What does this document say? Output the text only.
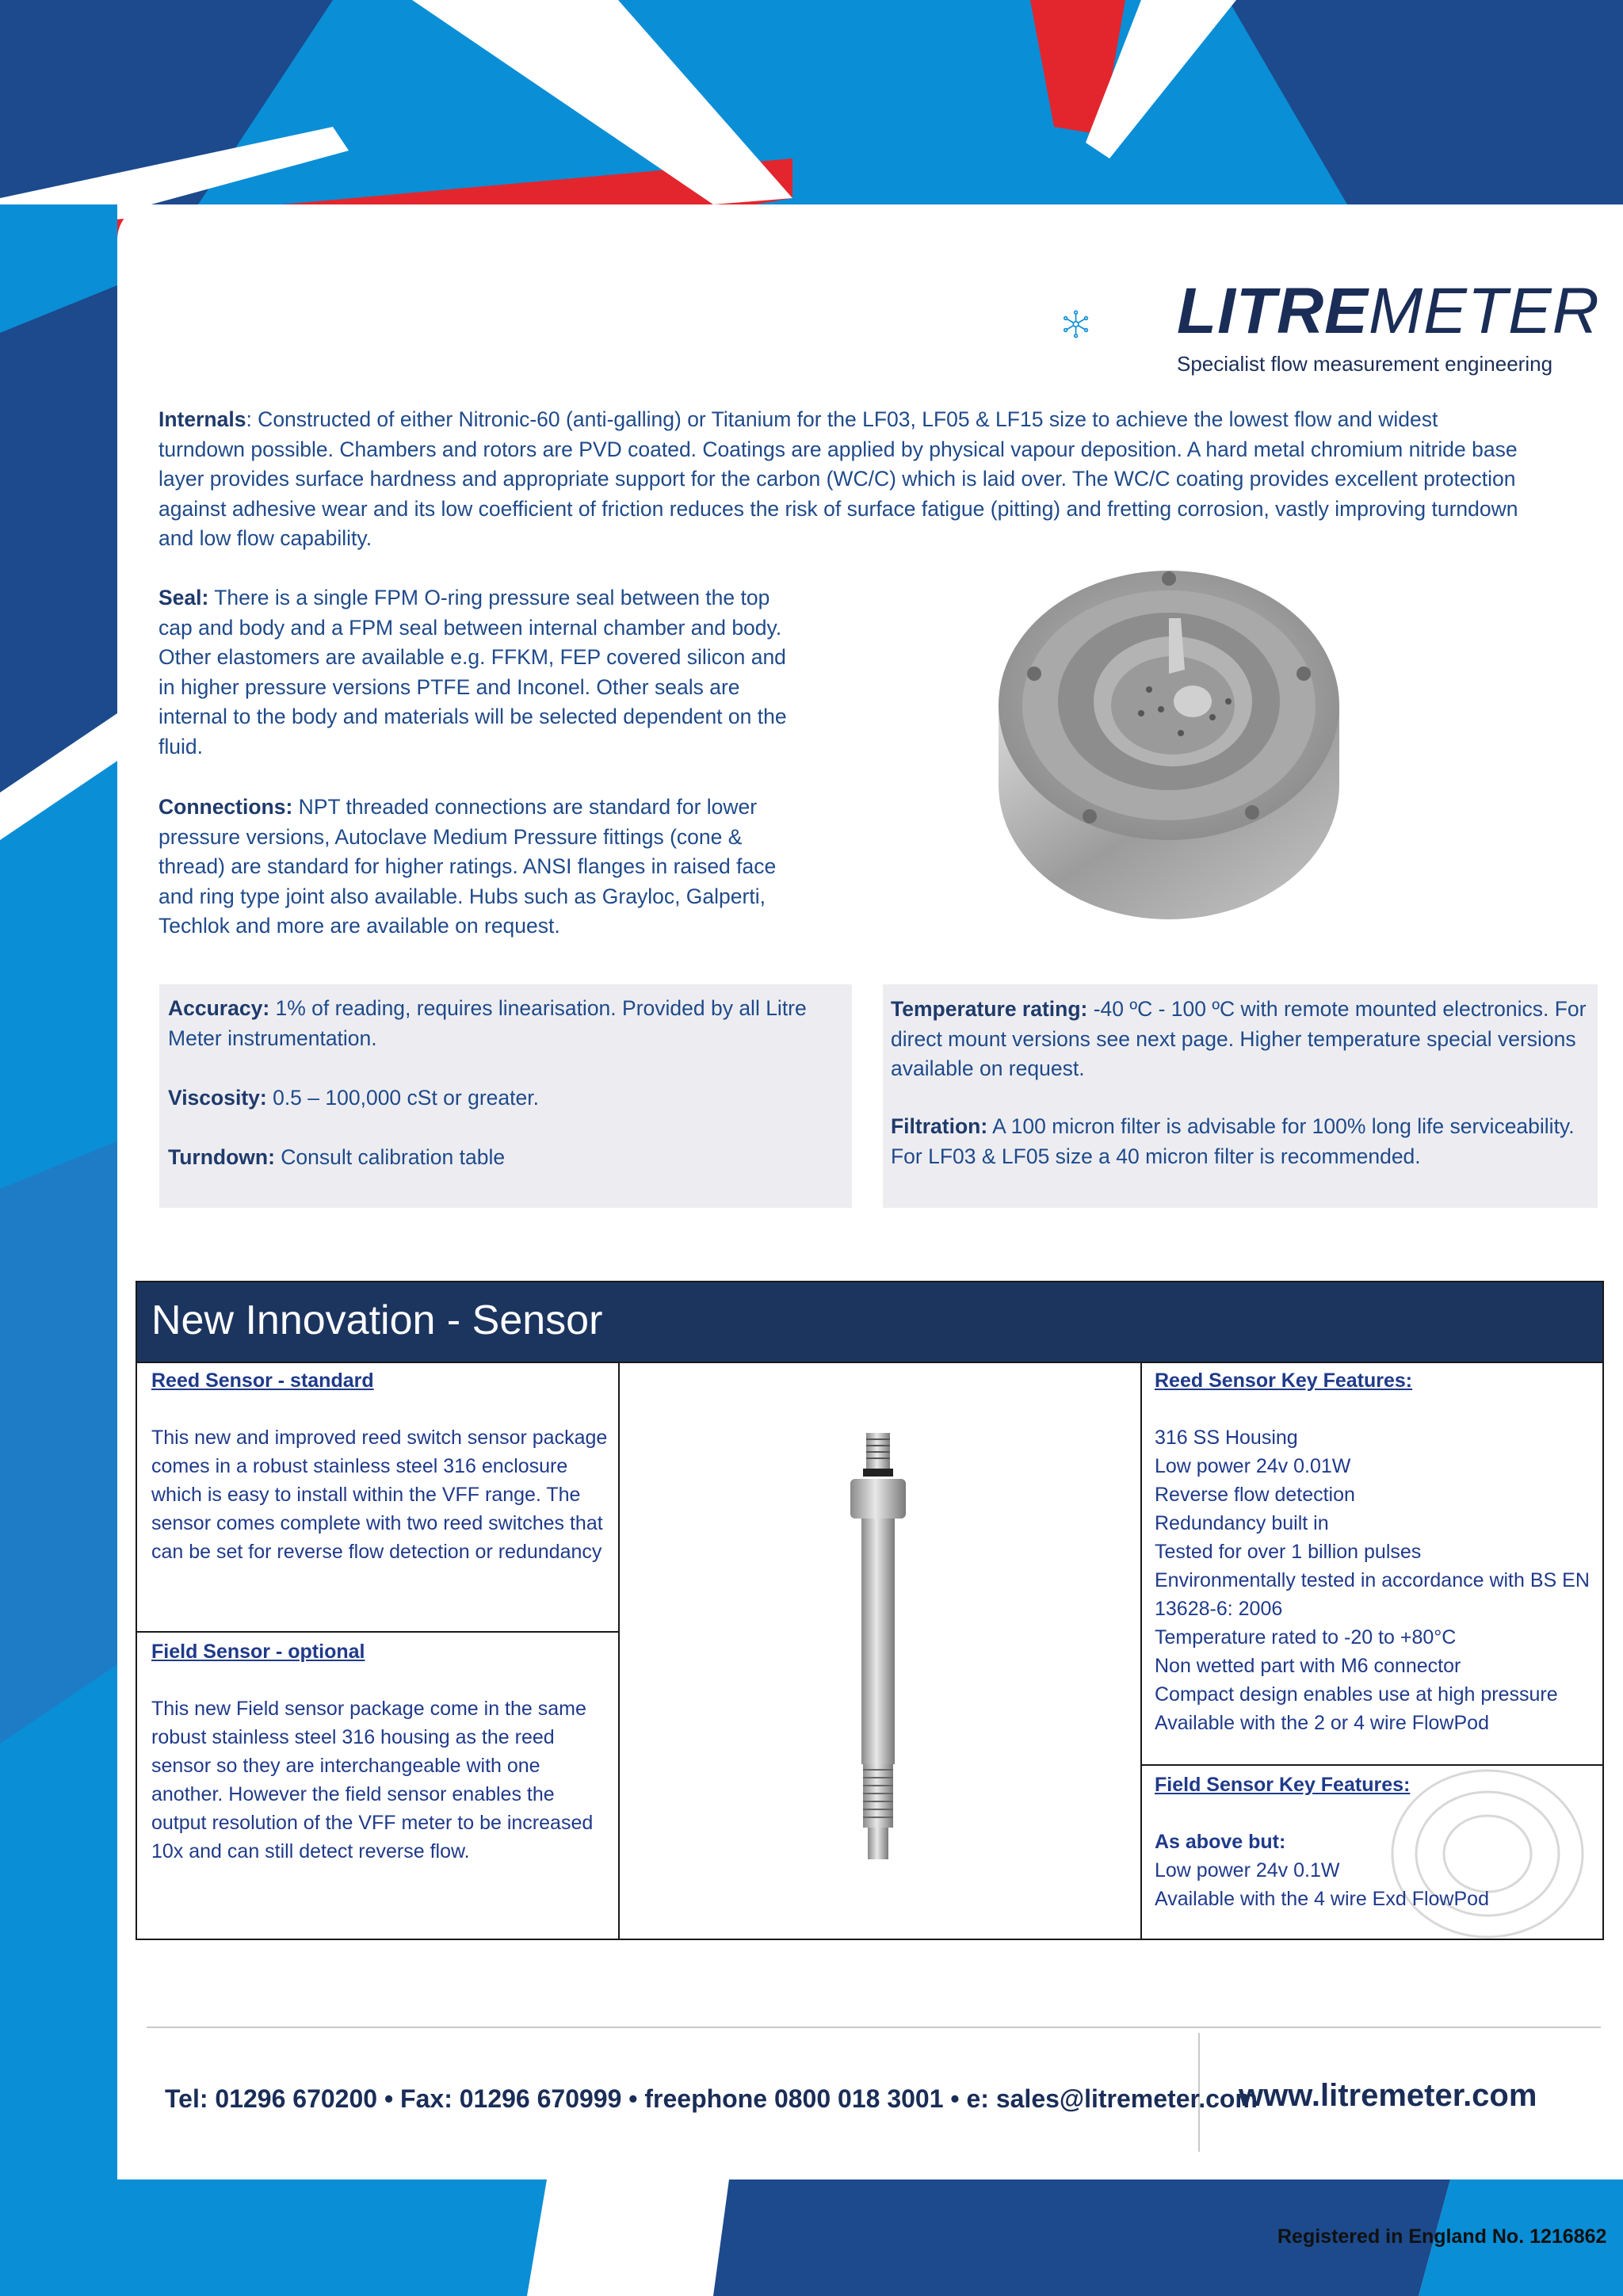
LITREMETER
Specialist flow measurement engineering

Internals: Constructed of either Nitronic-60 (anti-galling) or Titanium for the LF03, LF05 & LF15 size to achieve the lowest flow and widest turndown possible. Chambers and rotors are PVD coated. Coatings are applied by physical vapour deposition. A hard metal chromium nitride base layer provides surface hardness and appropriate support for the carbon (WC/C) which is laid over. The WC/C coating provides excellent protection against adhesive wear and its low coefficient of friction reduces the risk of surface fatigue (pitting) and fretting corrosion, vastly improving turndown and low flow capability.

Seal: There is a single FPM O-ring pressure seal between the top cap and body and a FPM seal between internal chamber and body. Other elastomers are available e.g. FFKM, FEP covered silicon and in higher pressure versions PTFE and Inconel. Other seals are internal to the body and materials will be selected dependent on the fluid.

Connections: NPT threaded connections are standard for lower pressure versions, Autoclave Medium Pressure fittings (cone & thread) are standard for higher ratings. ANSI flanges in raised face and ring type joint also available. Hubs such as Grayloc, Galperti, Techlok and more are available on request.

Accuracy: 1% of reading, requires linearisation. Provided by all Litre Meter instrumentation.

Viscosity: 0.5 – 100,000 cSt or greater.

Turndown: Consult calibration table

Temperature rating: -40 ºC - 100 ºC with remote mounted electronics. For direct mount versions see next page. Higher temperature special versions available on request.

Filtration: A 100 micron filter is advisable for 100% long life serviceability. For LF03 & LF05 size a 40 micron filter is recommended.

New Innovation - Sensor

Reed Sensor - standard

This new and improved reed switch sensor package comes in a robust stainless steel 316 enclosure which is easy to install within the VFF range. The sensor comes complete with two reed switches that can be set for reverse flow detection or redundancy

Field Sensor - optional

This new Field sensor package come in the same robust stainless steel 316 housing as the reed sensor so they are interchangeable with one another. However the field sensor enables the output resolution of the VFF meter to be increased 10x and can still detect reverse flow.

Reed Sensor Key Features:

316 SS Housing

Low power 24v 0.01W

Reverse flow detection

Redundancy built in

Tested for over 1 billion pulses

Environmentally tested in accordance with BS EN 13628-6: 2006

Temperature rated to -20 to +80°C

Non wetted part with M6 connector

Compact design enables use at high pressure

Available with the 2 or 4 wire FlowPod

Field Sensor Key Features:

As above but:

Low power 24v 0.1W

Available with the 4 wire Exd FlowPod

Tel: 01296 670200 • Fax: 01296 670999 • freephone 0800 018 3001 • e: sales@litremeter.com
www.litremeter.com
Registered in England No. 1216862
